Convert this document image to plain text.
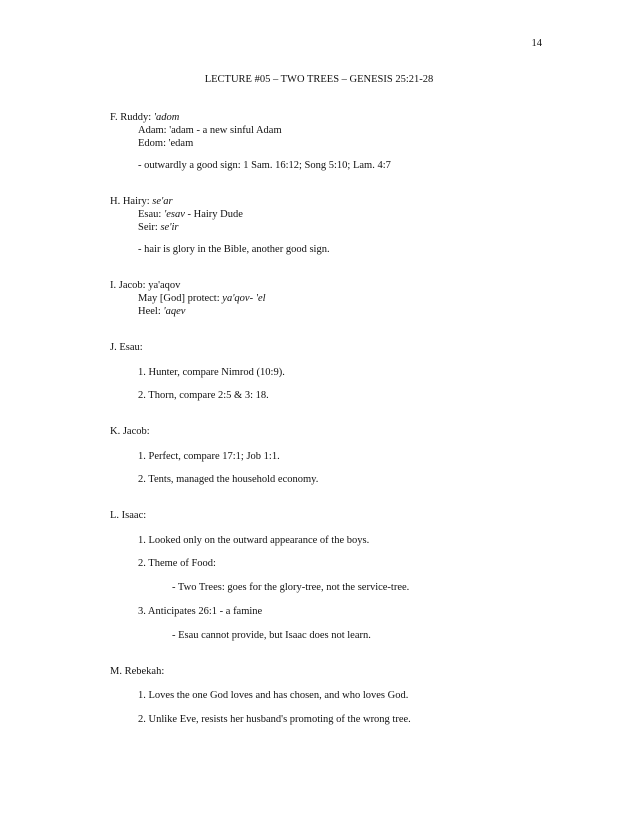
14
LECTURE #05 – TWO TREES – GENESIS 25:21-28
F. Ruddy: 'adom
Adam: 'adam - a new sinful Adam
Edom: 'edam
- outwardly a good sign: 1 Sam. 16:12; Song 5:10; Lam. 4:7
H. Hairy: se'ar
Esau: 'esav - Hairy Dude
Seir: se'ir
- hair is glory in the Bible, another good sign.
I. Jacob: ya'aqov
May [God] protect: ya'qov- 'el
Heel: 'aqev
J. Esau:
1. Hunter, compare Nimrod (10:9).
2. Thorn, compare 2:5 & 3: 18.
K. Jacob:
1. Perfect, compare 17:1; Job 1:1.
2. Tents, managed the household economy.
L. Isaac:
1. Looked only on the outward appearance of the boys.
2. Theme of Food:
- Two Trees: goes for the glory-tree, not the service-tree.
3. Anticipates 26:1 - a famine
- Esau cannot provide, but Isaac does not learn.
M. Rebekah:
1. Loves the one God loves and has chosen, and who loves God.
2. Unlike Eve, resists her husband's promoting of the wrong tree.
